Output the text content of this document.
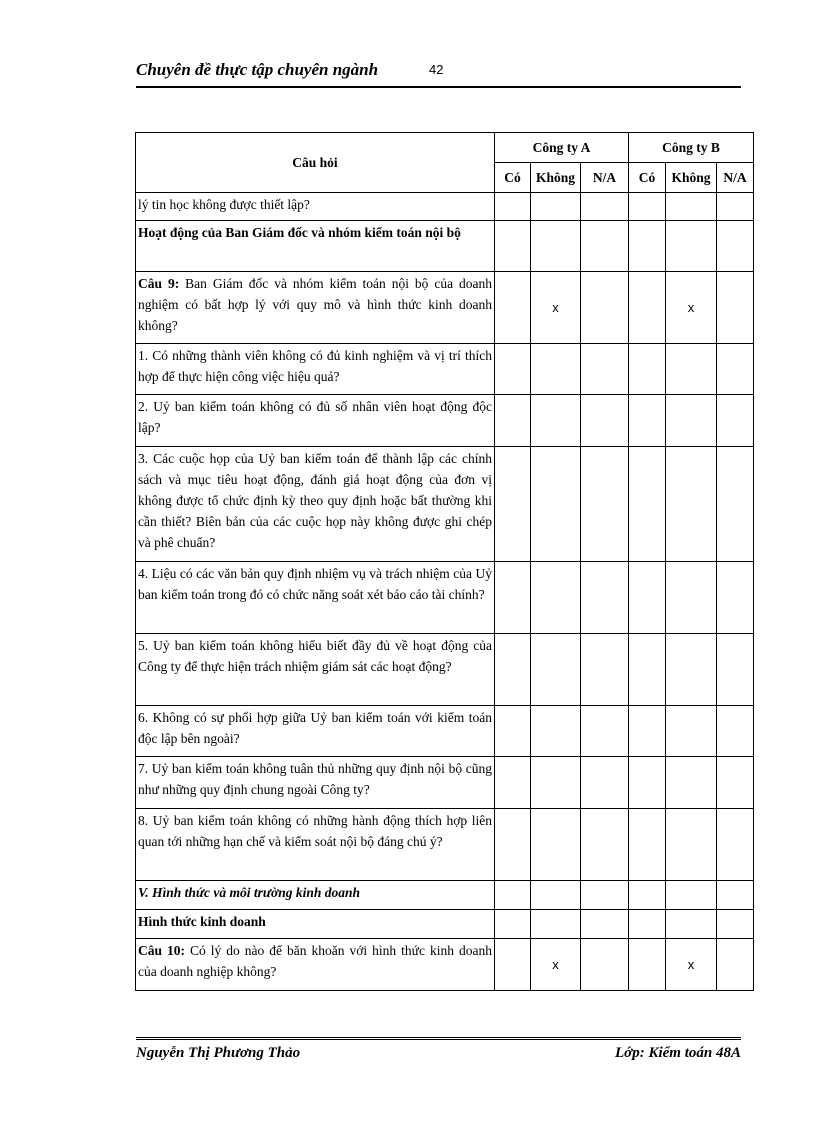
Chuyên đề thực tập chuyên ngành	42
Câu hỏi	Công ty A			Công ty B		
	Có	Không	N/A	Có	Không	N/A
lý tin học không được thiết lập?						
Hoạt động của Ban Giám đốc và nhóm kiểm toán nội bộ						
Câu 9: Ban Giám đốc và nhóm kiểm toán nội bộ của doanh nghiệm có bất hợp lý với quy mô và hình thức kinh doanh không?		x			x	
1. Có những thành viên không có đủ kinh nghiệm và vị trí thích hợp để thực hiện công việc hiệu quả?						
2. Uỷ ban kiểm toán không có đủ số nhân viên hoạt động độc lập?						
3. Các cuộc họp của Uỷ ban kiểm toán để thành lập các chính sách và mục tiêu hoạt động, đánh giá hoạt động của đơn vị không được tổ chức định kỳ theo quy định hoặc bất thường khi cần thiết? Biên bản của các cuộc họp này không được ghi chép và phê chuẩn?						
4. Liệu có các văn bản quy định nhiệm vụ và trách nhiệm của Uỷ ban kiểm toán trong đó có chức năng soát xét báo cáo tài chính?						
5. Uỷ ban kiểm toán không hiểu biết đầy đủ về hoạt động của Công ty để thực hiện trách nhiệm giám sát các hoạt động?						
6. Không có sự phối hợp giữa Uỷ ban kiểm toán với kiểm toán độc lập bên ngoài?						
7. Uỷ ban kiểm toán không tuân thủ những quy định nội bộ cũng như những quy định chung ngoài Công ty?						
8. Uỷ ban kiểm toán không có những hành động thích hợp liên quan tới những hạn chế và kiểm soát nội bộ đáng chú ý?						
V. Hình thức và môi trường kinh doanh						
Hình thức kinh doanh						
Câu 10: Có lý do nào để băn khoăn với hình thức kinh doanh của doanh nghiệp không?		x			x	
Nguyễn Thị Phương Thảo	Lớp: Kiểm toán 48A
